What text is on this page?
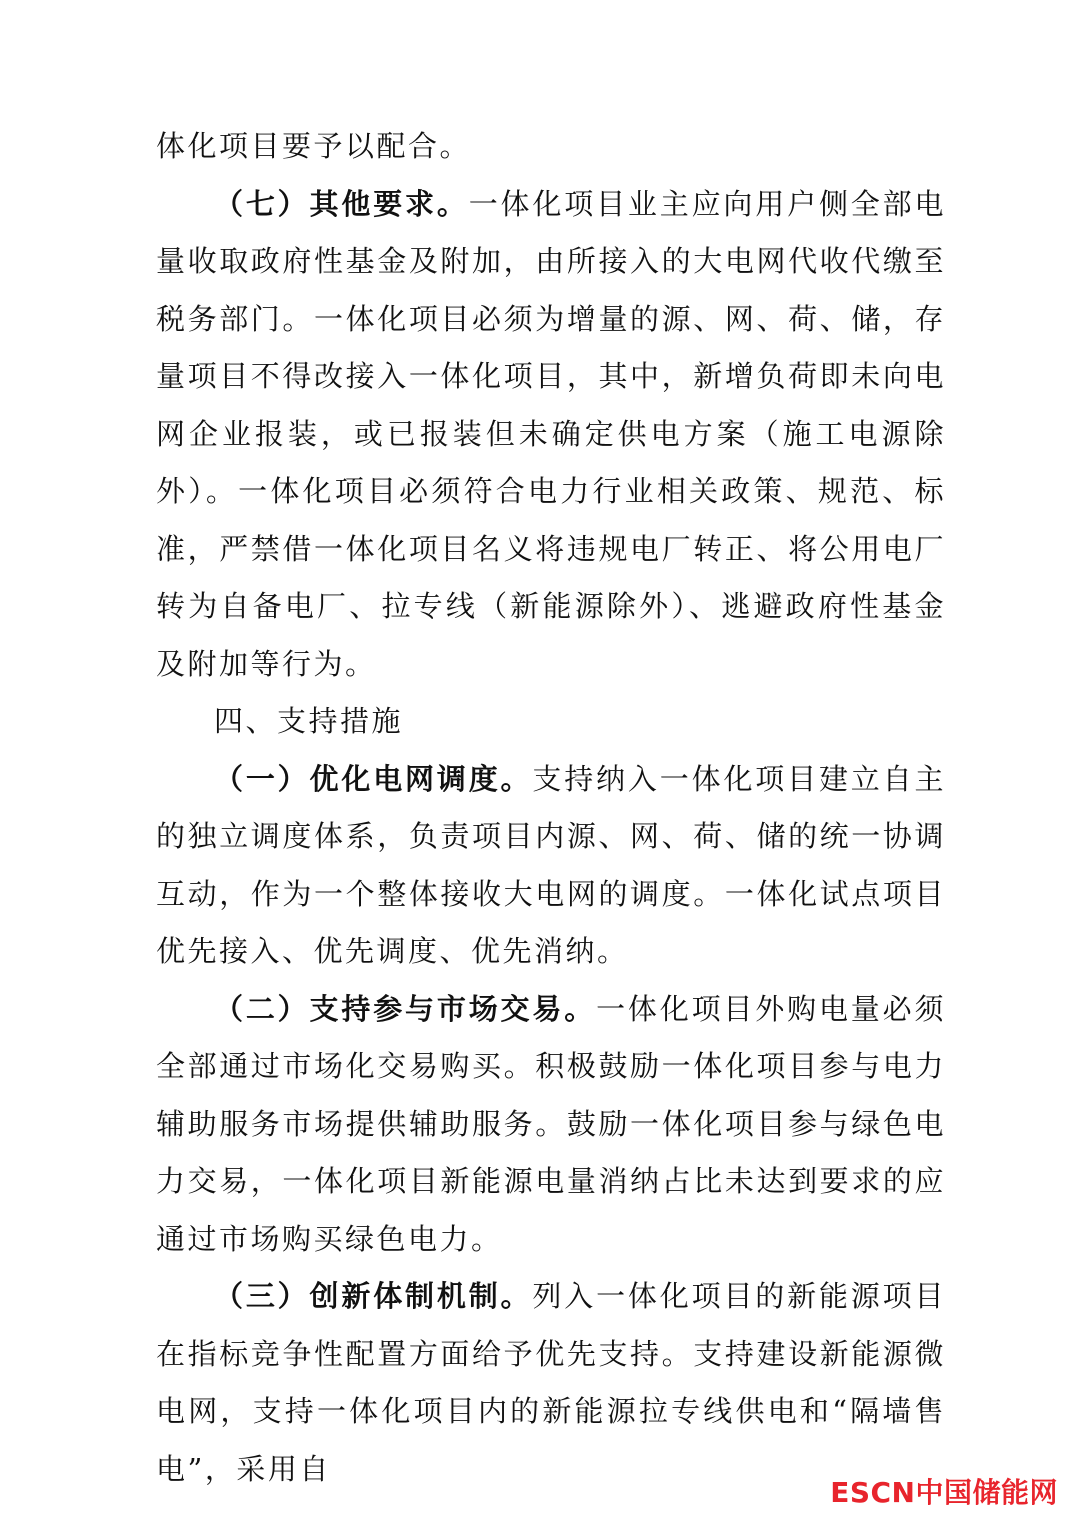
体化项目要予以配合。

（七）其他要求。一体化项目业主应向用户侧全部电量收取政府性基金及附加，由所接入的大电网代收代缴至税务部门。一体化项目必须为增量的源、网、荷、储，存量项目不得改接入一体化项目，其中，新增负荷即未向电网企业报装，或已报装但未确定供电方案（施工电源除外）。一体化项目必须符合电力行业相关政策、规范、标准，严禁借一体化项目名义将违规电厂转正、将公用电厂转为自备电厂、拉专线（新能源除外）、逃避政府性基金及附加等行为。

四、支持措施

（一）优化电网调度。支持纳入一体化项目建立自主的独立调度体系，负责项目内源、网、荷、储的统一协调互动，作为一个整体接收大电网的调度。一体化试点项目优先接入、优先调度、优先消纳。

（二）支持参与市场交易。一体化项目外购电量必须全部通过市场化交易购买。积极鼓励一体化项目参与电力辅助服务市场提供辅助服务。鼓励一体化项目参与绿色电力交易，一体化项目新能源电量消纳占比未达到要求的应通过市场购买绿色电力。

（三）创新体制机制。列入一体化项目的新能源项目在指标竞争性配置方面给予优先支持。支持建设新能源微电网，支持一体化项目内的新能源拉专线供电和“隔墙售电”，采用自

ESCN中国储能网
